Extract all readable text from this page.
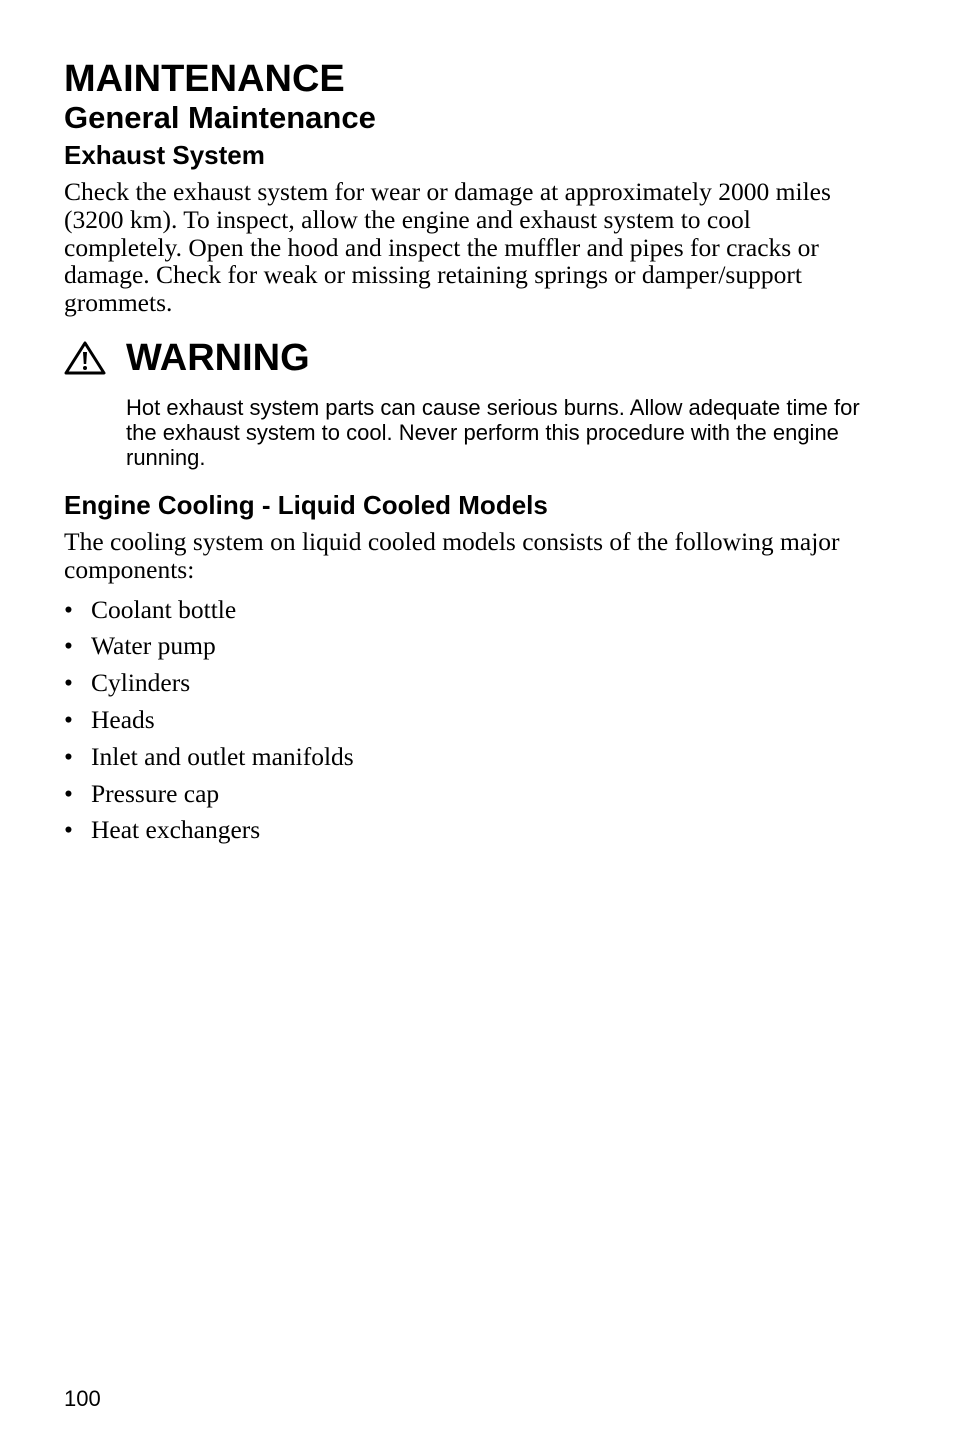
MAINTENANCE
General Maintenance
Exhaust System

Check the exhaust system for wear or damage at approximately 2000 miles (3200 km). To inspect, allow the engine and exhaust system to cool completely. Open the hood and inspect the muffler and pipes for cracks or damage. Check for weak or missing retaining springs or damper/support grommets.

WARNING

Hot exhaust system parts can cause serious burns. Allow adequate time for the exhaust system to cool. Never perform this procedure with the engine running.

Engine Cooling - Liquid Cooled Models

The cooling system on liquid cooled models consists of the following major components:

• Coolant bottle
• Water pump
• Cylinders
• Heads
• Inlet and outlet manifolds
• Pressure cap
• Heat exchangers
100
